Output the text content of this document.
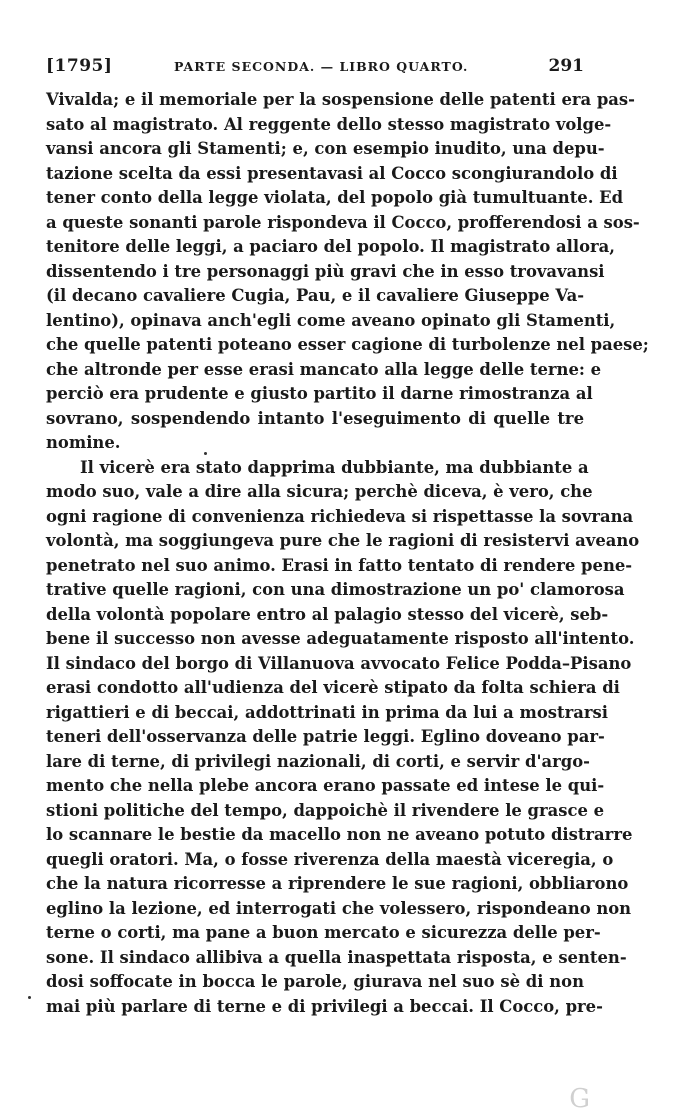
[1795]	PARTE SECONDA. — LIBRO QUARTO.	291
Vivalda; e il memoriale per la sospensione delle patenti era pas-
sato al magistrato. Al reggente dello stesso magistrato volge-
vansi ancora gli Stamenti; e, con esempio inudito, una depu-
tazione scelta da essi presentavasi al Cocco scongiurandolo di
tener conto della legge violata, del popolo già tumultuante. Ed
a queste sonanti parole rispondeva il Cocco, profferendosi a sos-
tenitore delle leggi, a paciaro del popolo. Il magistrato allora,
dissentendo i tre personaggi più gravi che in esso trovavansi
(il decano cavaliere Cugia, Pau, e il cavaliere Giuseppe Va-
lentino), opinava anch'egli come aveano opinato gli Stamenti,
che quelle patenti poteano esser cagione di turbolenze nel paese;
che altronde per esse erasi mancato alla legge delle terne: e
perciò era prudente e giusto partito il darne rimostranza al
sovrano, sospendendo intanto l'eseguimento di quelle tre
nomine.
Il vicerè era stato dapprima dubbiante, ma dubbiante a
modo suo, vale a dire alla sicura; perchè diceva, è vero, che
ogni ragione di convenienza richiedeva si rispettasse la sovrana
volontà, ma soggiungeva pure che le ragioni di resistervi aveano
penetrato nel suo animo. Erasi in fatto tentato di rendere pene-
trative quelle ragioni, con una dimostrazione un po' clamorosa
della volontà popolare entro al palagio stesso del vicerè, seb-
bene il successo non avesse adeguatamente risposto all'intento.
Il sindaco del borgo di Villanuova avvocato Felice Podda–Pisano
erasi condotto all'udienza del vicerè stipato da folta schiera di
rigattieri e di beccai, addottrinati in prima da lui a mostrarsi
teneri dell'osservanza delle patrie leggi. Eglino doveano par-
lare di terne, di privilegi nazionali, di corti, e servir d'argo-
mento che nella plebe ancora erano passate ed intese le qui-
stioni politiche del tempo, dappoichè il rivendere le grasce e
lo scannare le bestie da macello non ne aveano potuto distrarre
quegli oratori. Ma, o fosse riverenza della maestà viceregia, o
che la natura ricorresse a riprendere le sue ragioni, obbliarono
eglino la lezione, ed interrogati che volessero, rispondeano non
terne o corti, ma pane a buon mercato e sicurezza delle per-
sone. Il sindaco allibiva a quella inaspettata risposta, e senten-
dosi soffocate in bocca le parole, giurava nel suo sè di non
mai più parlare di terne e di privilegi a beccai. Il Cocco, pre-
G
